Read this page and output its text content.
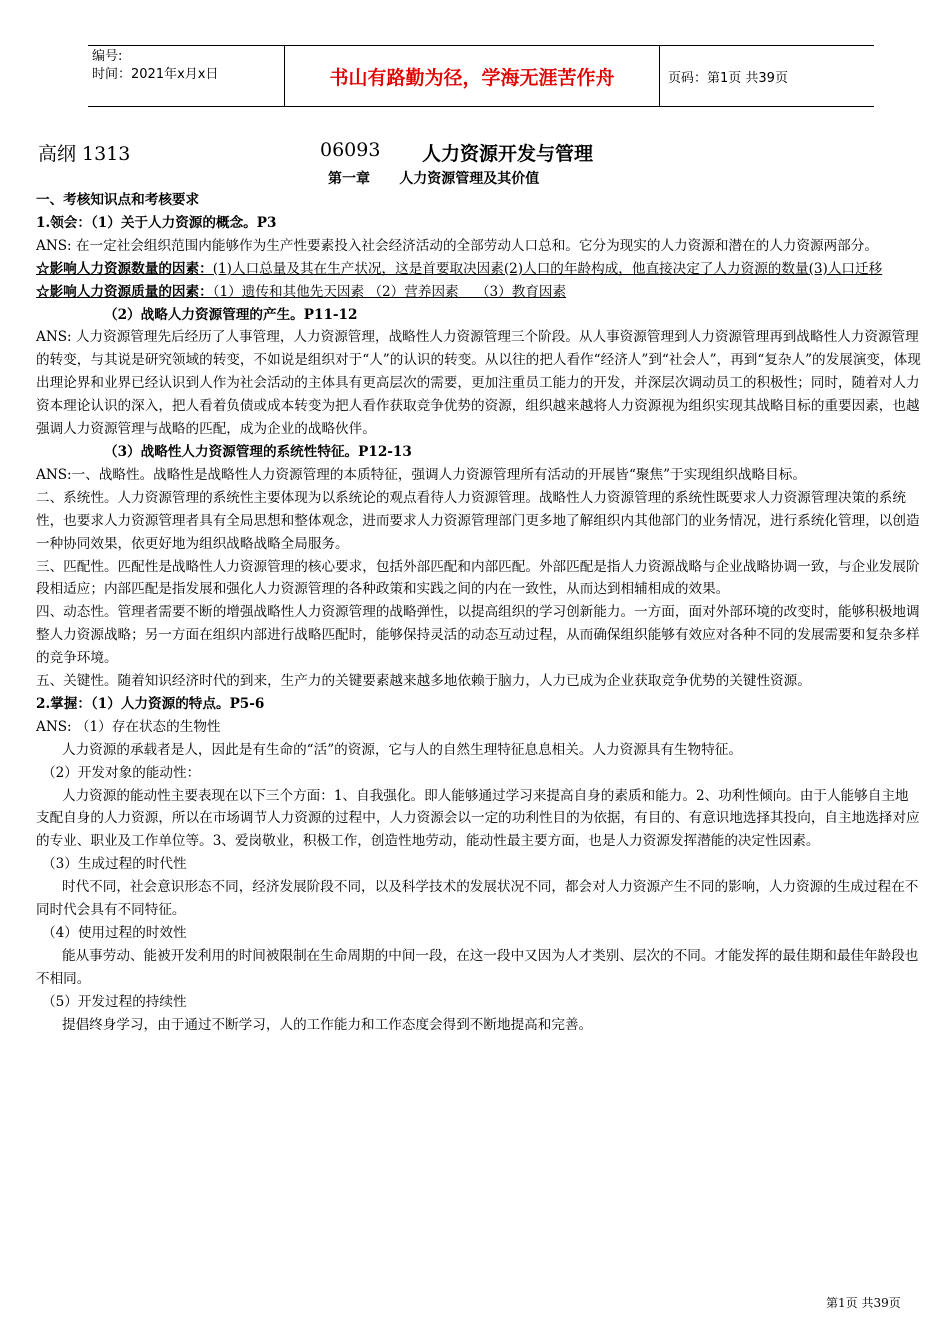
编号:
时间：2021年x月x日	书山有路勤为径，学海无涯苦作舟	页码：第1页 共39页
高纲 1313	06093 人力资源开发与管理
第一章      人力资源管理及其价值

一、考核知识点和考核要求

1.领会：（1）关于人力资源的概念。P3

ANS: 在一定社会组织范围内能够作为生产性要素投入社会经济活动的全部劳动人口总和。它分为现实的人力资源和潜在的人力资源两部分。

☆影响人力资源数量的因素：(1)人口总量及其在生产状况，这是首要取决因素(2)人口的年龄构成，他直接决定了人力资源的数量(3)人口迁移

☆影响人力资源质量的因素：（1）遗传和其他先天因素 （2）营养因素    （3）教育因素

（2）战略人力资源管理的产生。P11-12

ANS: 人力资源管理先后经历了人事管理，人力资源管理，战略性人力资源管理三个阶段。从人事资源管理到人力资源管理再到战略性人力资源管理的转变，与其说是研究领域的转变，不如说是组织对于“人”的认识的转变。从以往的把人看作“经济人”到“社会人”，再到“复杂人”的发展演变，体现出理论界和业界已经认识到人作为社会活动的主体具有更高层次的需要，更加注重员工能力的开发，并深层次调动员工的积极性；同时，随着对人力资本理论认识的深入，把人看着负债或成本转变为把人看作获取竞争优势的资源，组织越来越将人力资源视为组织实现其战略目标的重要因素，也越强调人力资源管理与战略的匹配，成为企业的战略伙伴。

（3）战略性人力资源管理的系统性特征。P12-13

ANS:一、战略性。战略性是战略性人力资源管理的本质特征，强调人力资源管理所有活动的开展皆“聚焦”于实现组织战略目标。

二、系统性。人力资源管理的系统性主要体现为以系统论的观点看待人力资源管理。战略性人力资源管理的系统性既要求人力资源管理决策的系统性，也要求人力资源管理者具有全局思想和整体观念，进而要求人力资源管理部门更多地了解组织内其他部门的业务情况，进行系统化管理，以创造一种协同效果，依更好地为组织战略战略全局服务。

三、匹配性。匹配性是战略性人力资源管理的核心要求，包括外部匹配和内部匹配。外部匹配是指人力资源战略与企业战略协调一致，与企业发展阶段相适应；内部匹配是指发展和强化人力资源管理的各种政策和实践之间的内在一致性，从而达到相辅相成的效果。

四、动态性。管理者需要不断的增强战略性人力资源管理的战略弹性，以提高组织的学习创新能力。一方面，面对外部环境的改变时，能够积极地调整人力资源战略；另一方面在组织内部进行战略匹配时，能够保持灵活的动态互动过程，从而确保组织能够有效应对各种不同的发展需要和复杂多样的竞争环境。

五、关键性。随着知识经济时代的到来，生产力的关键要素越来越多地依赖于脑力，人力已成为企业获取竞争优势的关键性资源。

2.掌握：（1）人力资源的特点。P5-6

ANS: （1）存在状态的生物性

人力资源的承载者是人，因此是有生命的“活”的资源，它与人的自然生理特征息息相关。人力资源具有生物特征。

（2）开发对象的能动性：

人力资源的能动性主要表现在以下三个方面：1、自我强化。即人能够通过学习来提高自身的素质和能力。2、功利性倾向。由于人能够自主地支配自身的人力资源，所以在市场调节人力资源的过程中，人力资源会以一定的功利性目的为依据，有目的、有意识地选择其投向，自主地选择对应的专业、职业及工作单位等。3、爱岗敬业，积极工作，创造性地劳动，能动性最主要方面，也是人力资源发挥潜能的决定性因素。

（3）生成过程的时代性

时代不同，社会意识形态不同，经济发展阶段不同，以及科学技术的发展状况不同，都会对人力资源产生不同的影响，人力资源的生成过程在不同时代会具有不同特征。

（4）使用过程的时效性

能从事劳动、能被开发利用的时间被限制在生命周期的中间一段，在这一段中又因为人才类别、层次的不同。才能发挥的最佳期和最佳年龄段也不相同。

（5）开发过程的持续性

提倡终身学习，由于通过不断学习，人的工作能力和工作态度会得到不断地提高和完善。

第1页 共39页
